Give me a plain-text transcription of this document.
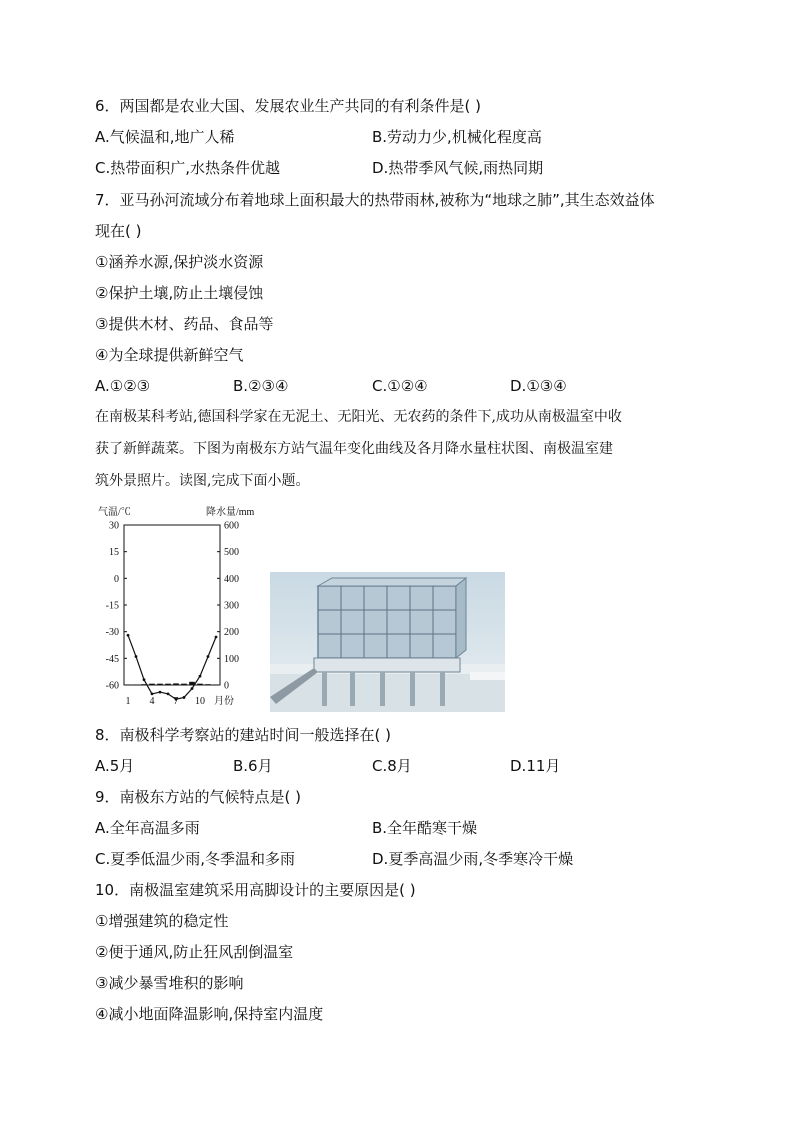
6．两国都是农业大国、发展农业生产共同的有利条件是( )
A.气候温和,地广人稀	B.劳动力少,机械化程度高
C.热带面积广,水热条件优越	D.热带季风气候,雨热同期
7．亚马孙河流域分布着地球上面积最大的热带雨林,被称为“地球之肺”,其生态效益体
现在( )
①涵养水源,保护淡水资源
②保护土壤,防止土壤侵蚀
③提供木材、药品、食品等
④为全球提供新鲜空气
A.①②③	B.②③④	C.①②④	D.①③④
在南极某科考站,德国科学家在无泥土、无阳光、无农药的条件下,成功从南极温室中收
获了新鲜蔬菜。下图为南极东方站气温年变化曲线及各月降水量柱状图、南极温室建
筑外景照片。读图,完成下面小题。
气温/℃	降水量/mm
30
15
0
-15
-30
-45
-60
600
500
400
300
200
100
0
1 4 7 10 月份
8．南极科学考察站的建站时间一般选择在( )
A.5月	B.6月	C.8月	D.11月
9．南极东方站的气候特点是( )
A.全年高温多雨	B.全年酷寒干燥
C.夏季低温少雨,冬季温和多雨	D.夏季高温少雨,冬季寒冷干燥
10．南极温室建筑采用高脚设计的主要原因是( )
①增强建筑的稳定性
②便于通风,防止狂风刮倒温室
③减少暴雪堆积的影响
④减小地面降温影响,保持室内温度
